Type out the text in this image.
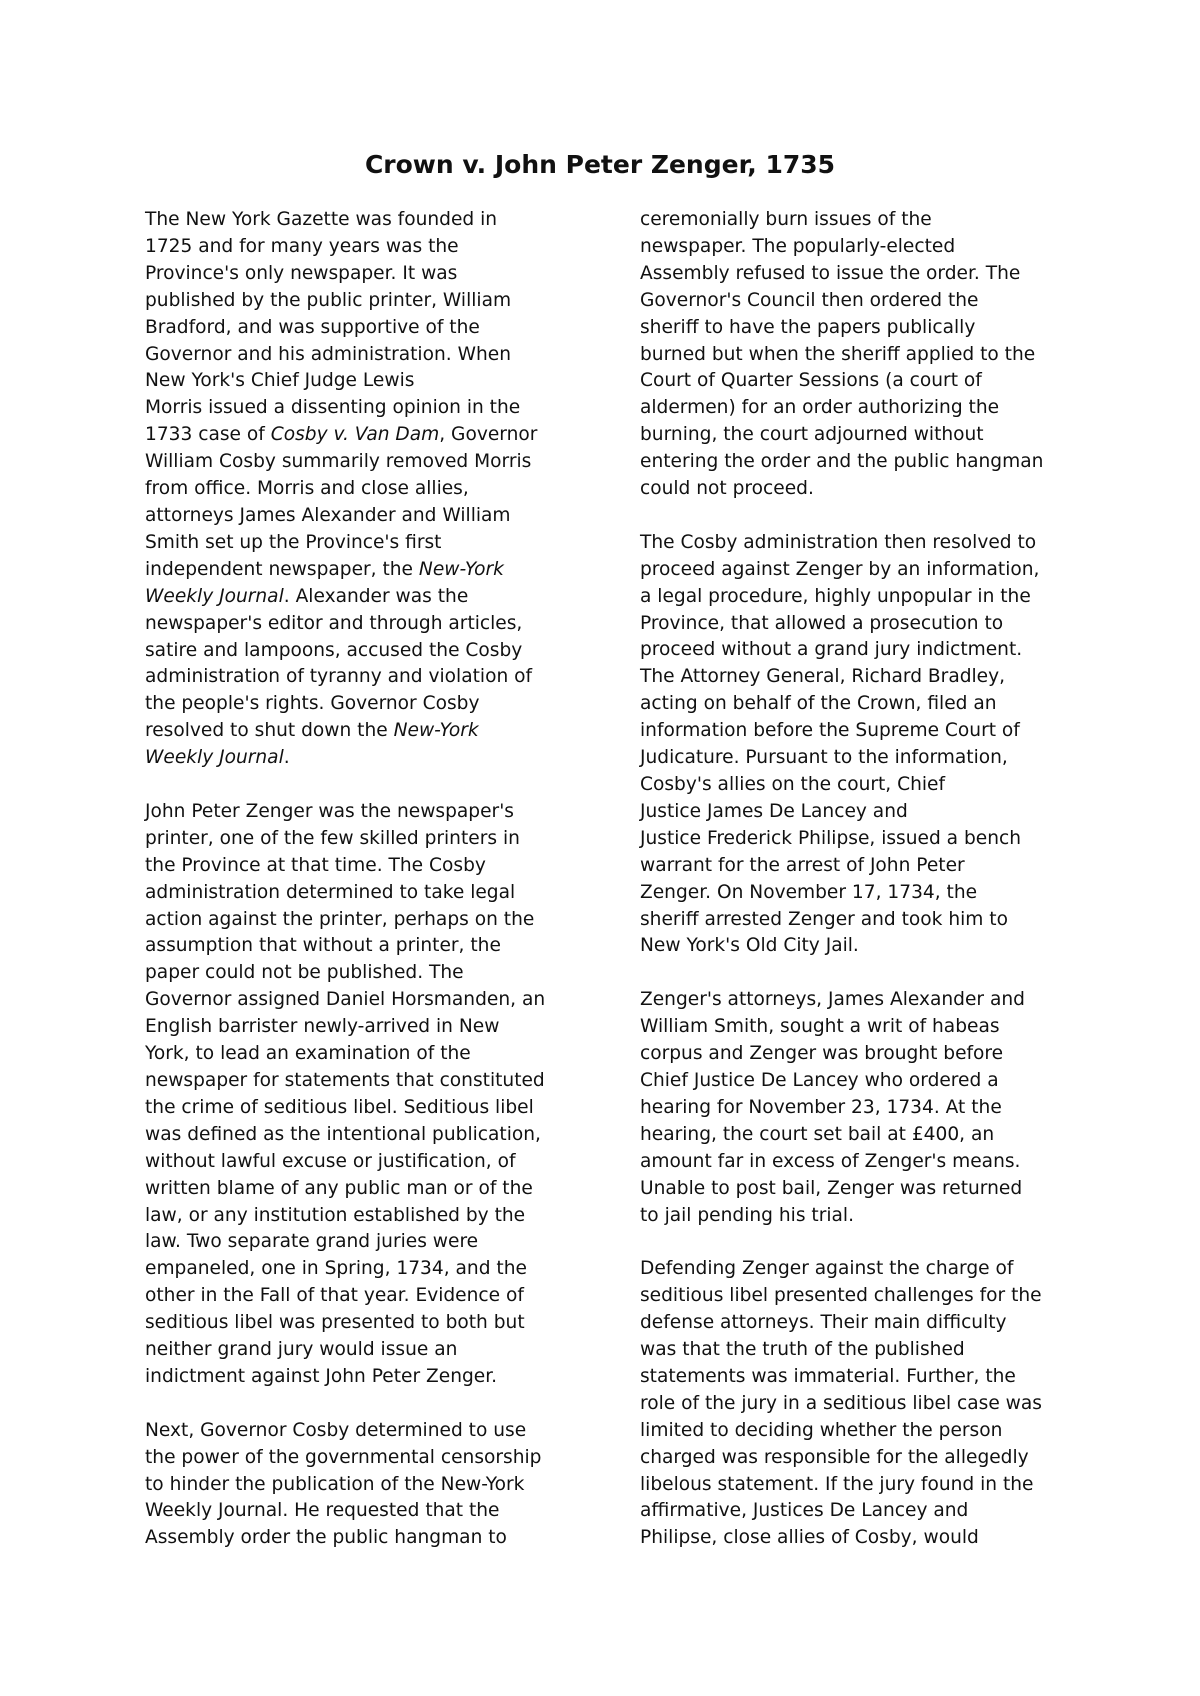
Crown v. John Peter Zenger, 1735

The New York Gazette was founded in
1725 and for many years was the
Province's only newspaper. It was
published by the public printer, William
Bradford, and was supportive of the
Governor and his administration. When
New York's Chief Judge Lewis
Morris issued a dissenting opinion in the
1733 case of Cosby v. Van Dam, Governor
William Cosby summarily removed Morris
from office. Morris and close allies,
attorneys James Alexander and William
Smith set up the Province's first
independent newspaper, the New-York
Weekly Journal. Alexander was the
newspaper's editor and through articles,
satire and lampoons, accused the Cosby
administration of tyranny and violation of
the people's rights. Governor Cosby
resolved to shut down the New-York
Weekly Journal.

John Peter Zenger was the newspaper's
printer, one of the few skilled printers in
the Province at that time. The Cosby
administration determined to take legal
action against the printer, perhaps on the
assumption that without a printer, the
paper could not be published. The
Governor assigned Daniel Horsmanden, an
English barrister newly-arrived in New
York, to lead an examination of the
newspaper for statements that constituted
the crime of seditious libel. Seditious libel
was defined as the intentional publication,
without lawful excuse or justification, of
written blame of any public man or of the
law, or any institution established by the
law. Two separate grand juries were
empaneled, one in Spring, 1734, and the
other in the Fall of that year. Evidence of
seditious libel was presented to both but
neither grand jury would issue an
indictment against John Peter Zenger.

Next, Governor Cosby determined to use
the power of the governmental censorship
to hinder the publication of the New-York
Weekly Journal. He requested that the
Assembly order the public hangman to

ceremonially burn issues of the
newspaper. The popularly-elected
Assembly refused to issue the order. The
Governor's Council then ordered the
sheriff to have the papers publically
burned but when the sheriff applied to the
Court of Quarter Sessions (a court of
aldermen) for an order authorizing the
burning, the court adjourned without
entering the order and the public hangman
could not proceed.

The Cosby administration then resolved to
proceed against Zenger by an information,
a legal procedure, highly unpopular in the
Province, that allowed a prosecution to
proceed without a grand jury indictment.
The Attorney General, Richard Bradley,
acting on behalf of the Crown, filed an
information before the Supreme Court of
Judicature. Pursuant to the information,
Cosby's allies on the court, Chief
Justice James De Lancey and
Justice Frederick Philipse, issued a bench
warrant for the arrest of John Peter
Zenger. On November 17, 1734, the
sheriff arrested Zenger and took him to
New York's Old City Jail.

Zenger's attorneys, James Alexander and
William Smith, sought a writ of habeas
corpus and Zenger was brought before
Chief Justice De Lancey who ordered a
hearing for November 23, 1734. At the
hearing, the court set bail at £400, an
amount far in excess of Zenger's means.
Unable to post bail, Zenger was returned
to jail pending his trial.

Defending Zenger against the charge of
seditious libel presented challenges for the
defense attorneys. Their main difficulty
was that the truth of the published
statements was immaterial. Further, the
role of the jury in a seditious libel case was
limited to deciding whether the person
charged was responsible for the allegedly
libelous statement. If the jury found in the
affirmative, Justices De Lancey and
Philipse, close allies of Cosby, would
